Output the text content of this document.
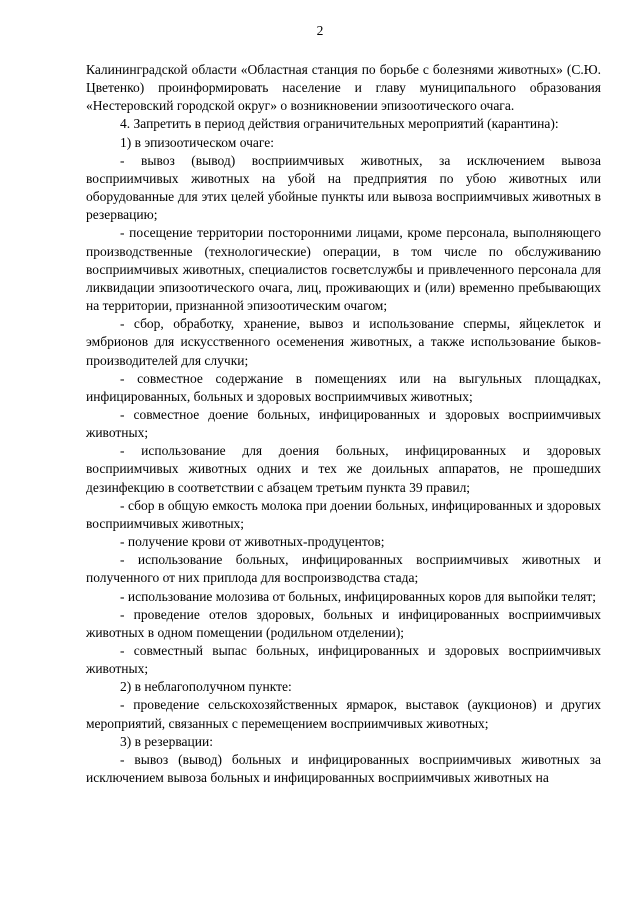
2

Калининградской области «Областная станция по борьбе с болезнями животных» (С.Ю. Цветенко) проинформировать население и главу муниципального образования «Нестеровский городской округ» о возникновении эпизоотического очага.

4. Запретить в период действия ограничительных мероприятий (карантина):

1) в эпизоотическом очаге:

- вывоз (вывод) восприимчивых животных, за исключением вывоза восприимчивых животных на убой на предприятия по убою животных или оборудованные для этих целей убойные пункты или вывоза восприимчивых животных в резервацию;

- посещение территории посторонними лицами, кроме персонала, выполняющего производственные (технологические) операции, в том числе по обслуживанию восприимчивых животных, специалистов госветслужбы и привлеченного персонала для ликвидации эпизоотического очага, лиц, проживающих и (или) временно пребывающих на территории, признанной эпизоотическим очагом;

- сбор, обработку, хранение, вывоз и использование спермы, яйцеклеток и эмбрионов для искусственного осеменения животных, а также использование быков-производителей для случки;

- совместное содержание в помещениях или на выгульных площадках, инфицированных, больных и здоровых восприимчивых животных;

- совместное доение больных, инфицированных и здоровых восприимчивых животных;

- использование для доения больных, инфицированных и здоровых восприимчивых животных одних и тех же доильных аппаратов, не прошедших дезинфекцию в соответствии с абзацем третьим пункта 39 правил;

- сбор в общую емкость молока при доении больных, инфицированных и здоровых восприимчивых животных;

- получение крови от животных-продуцентов;

- использование больных, инфицированных восприимчивых животных и полученного от них приплода для воспроизводства стада;

- использование молозива от больных, инфицированных коров для выпойки телят;

- проведение отелов здоровых, больных и инфицированных восприимчивых животных в одном помещении (родильном отделении);

- совместный выпас больных, инфицированных и здоровых восприимчивых животных;

2) в неблагополучном пункте:

- проведение сельскохозяйственных ярмарок, выставок (аукционов) и других мероприятий, связанных с перемещением восприимчивых животных;

3) в резервации:

- вывоз (вывод) больных и инфицированных восприимчивых животных за исключением вывоза больных и инфицированных восприимчивых животных на
